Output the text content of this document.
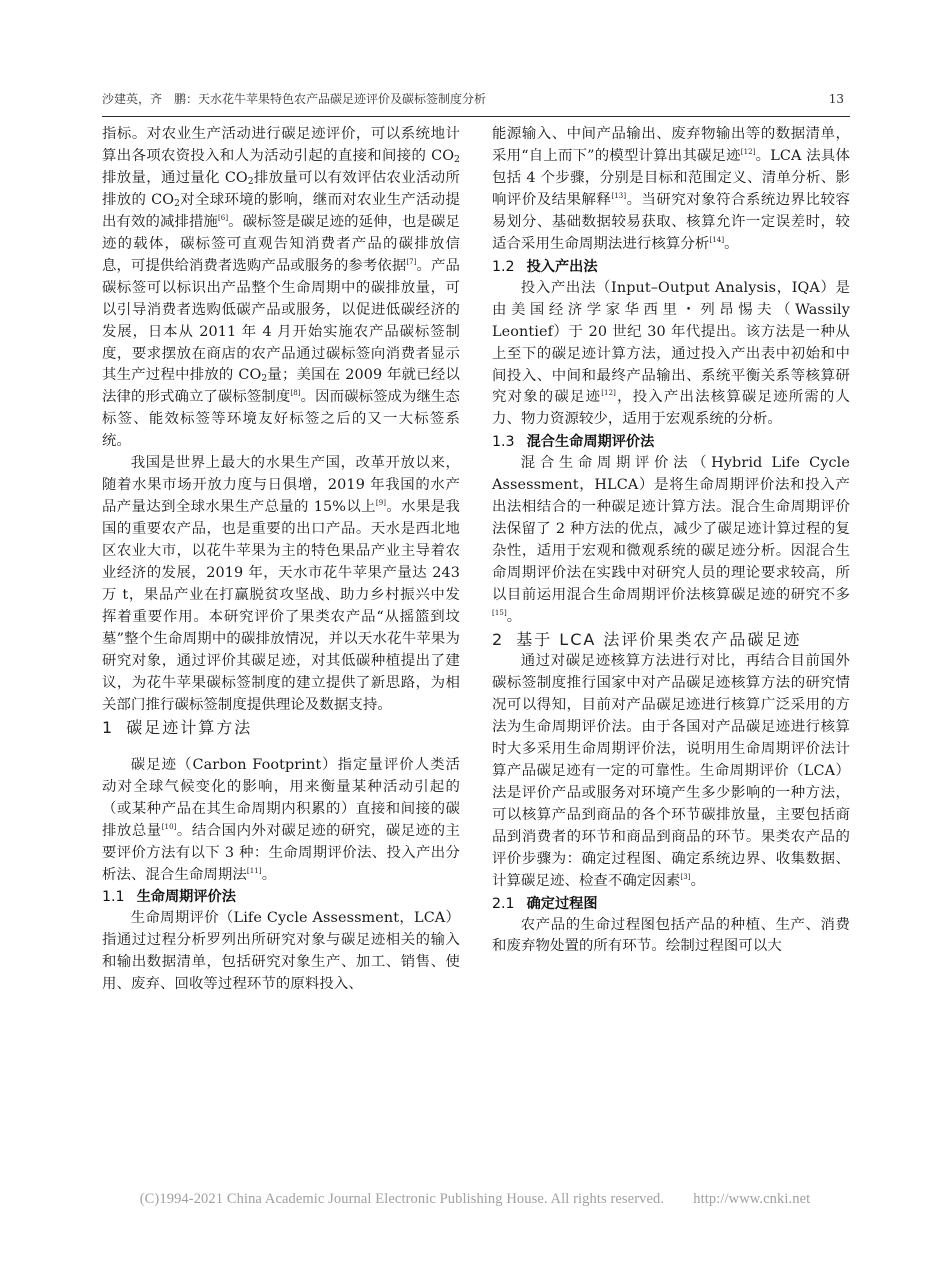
沙建英，齐　鹏：天水花牛苹果特色农产品碳足迹评价及碳标签制度分析	13

指标。对农业生产活动进行碳足迹评价，可以系统地计算出各项农资投入和人为活动引起的直接和间接的 $CO_2$排放量，通过量化 $CO_2$排放量可以有效评估农业活动所排放的 $CO_2$对全球环境的影响，继而对农业生产活动提出有效的减排措施[6]。碳标签是碳足迹的延伸，也是碳足迹的载体，碳标签可直观告知消费者产品的碳排放信息，可提供给消费者选购产品或服务的参考依据[7]。产品碳标签可以标识出产品整个生命周期中的碳排放量，可以引导消费者选购低碳产品或服务，以促进低碳经济的发展，日本从 2011 年 4 月开始实施农产品碳标签制度，要求摆放在商店的农产品通过碳标签向消费者显示其生产过程中排放的 $CO_2$量；美国在 2009 年就已经以法律的形式确立了碳标签制度[8]。因而碳标签成为继生态标签、能效标签等环境友好标签之后的又一大标签系统。

我国是世界上最大的水果生产国，改革开放以来，随着水果市场开放力度与日俱增，2019 年我国的水产品产量达到全球水果生产总量的 15%以上[9]。水果是我国的重要农产品，也是重要的出口产品。天水是西北地区农业大市，以花牛苹果为主的特色果品产业主导着农业经济的发展，2019 年，天水市花牛苹果产量达 243 万 t，果品产业在打赢脱贫攻坚战、助力乡村振兴中发挥着重要作用。本研究评价了果类农产品“从摇篮到坟墓”整个生命周期中的碳排放情况，并以天水花牛苹果为研究对象，通过评价其碳足迹，对其低碳种植提出了建议，为花牛苹果碳标签制度的建立提供了新思路，为相关部门推行碳标签制度提供理论及数据支持。

1 碳足迹计算方法

碳足迹（Carbon Footprint）指定量评价人类活动对全球气候变化的影响，用来衡量某种活动引起的（或某种产品在其生命周期内积累的）直接和间接的碳排放总量[10]。结合国内外对碳足迹的研究，碳足迹的主要评价方法有以下 3 种：生命周期评价法、投入产出分析法、混合生命周期法[11]。

1.1 生命周期评价法

生命周期评价（Life Cycle Assessment，LCA）指通过过程分析罗列出所研究对象与碳足迹相关的输入和输出数据清单，包括研究对象生产、加工、销售、使用、废弃、回收等过程环节的原料投入、

能源输入、中间产品输出、废弃物输出等的数据清单，采用“自上而下”的模型计算出其碳足迹[12]。LCA 法具体包括 4 个步骤，分别是目标和范围定义、清单分析、影响评价及结果解释[13]。当研究对象符合系统边界比较容易划分、基础数据较易获取、核算允许一定误差时，较适合采用生命周期法进行核算分析[14]。

1.2 投入产出法

投入产出法（Input–Output Analysis，IQA）是由美国经济学家华西里・列昂惕夫（Wassily Leontief）于 20 世纪 30 年代提出。该方法是一种从上至下的碳足迹计算方法，通过投入产出表中初始和中间投入、中间和最终产品输出、系统平衡关系等核算研究对象的碳足迹[12]，投入产出法核算碳足迹所需的人力、物力资源较少，适用于宏观系统的分析。

1.3 混合生命周期评价法

混合生命周期评价法（Hybrid Life Cycle Assessment，HLCA）是将生命周期评价法和投入产出法相结合的一种碳足迹计算方法。混合生命周期评价法保留了 2 种方法的优点，减少了碳足迹计算过程的复杂性，适用于宏观和微观系统的碳足迹分析。因混合生命周期评价法在实践中对研究人员的理论要求较高，所以目前运用混合生命周期评价法核算碳足迹的研究不多[15]。

2 基于 LCA 法评价果类农产品碳足迹

通过对碳足迹核算方法进行对比，再结合目前国外碳标签制度推行国家中对产品碳足迹核算方法的研究情况可以得知，目前对产品碳足迹进行核算广泛采用的方法为生命周期评价法。由于各国对产品碳足迹进行核算时大多采用生命周期评价法，说明用生命周期评价法计算产品碳足迹有一定的可靠性。生命周期评价（LCA）法是评价产品或服务对环境产生多少影响的一种方法，可以核算产品到商品的各个环节碳排放量，主要包括商品到消费者的环节和商品到商品的环节。果类农产品的评价步骤为：确定过程图、确定系统边界、收集数据、计算碳足迹、检查不确定因素[3]。

2.1 确定过程图

农产品的生命过程图包括产品的种植、生产、消费和废弃物处置的所有环节。绘制过程图可以大

(C)1994-2021 China Academic Journal Electronic Publishing House. All rights reserved.　　http://www.cnki.net
